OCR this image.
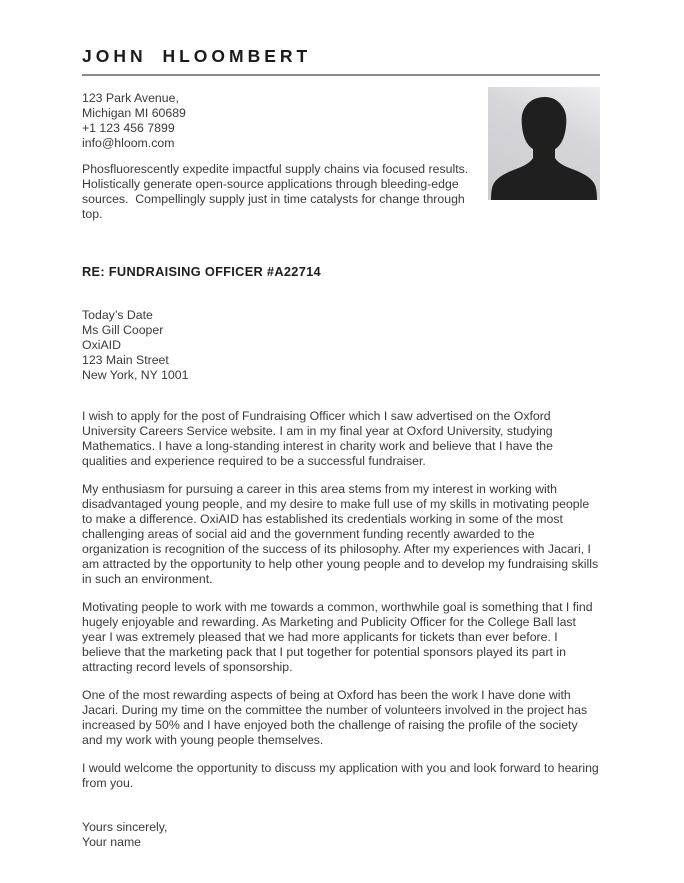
JOHN HLOOMBERT
123 Park Avenue,
Michigan MI 60689
+1 123 456 7899
info@hloom.com
Phosfluorescently expedite impactful supply chains via focused results. Holistically generate open-source applications through bleeding-edge sources.  Compellingly supply just in time catalysts for change through top.
RE: FUNDRAISING OFFICER #A22714
Today’s Date
Ms Gill Cooper
OxiAID
123 Main Street
New York, NY 1001
I wish to apply for the post of Fundraising Officer which I saw advertised on the Oxford University Careers Service website. I am in my final year at Oxford University, studying Mathematics. I have a long-standing interest in charity work and believe that I have the qualities and experience required to be a successful fundraiser.
My enthusiasm for pursuing a career in this area stems from my interest in working with disadvantaged young people, and my desire to make full use of my skills in motivating people to make a difference. OxiAID has established its credentials working in some of the most challenging areas of social aid and the government funding recently awarded to the organization is recognition of the success of its philosophy. After my experiences with Jacari, I am attracted by the opportunity to help other young people and to develop my fundraising skills in such an environment.
Motivating people to work with me towards a common, worthwhile goal is something that I find hugely enjoyable and rewarding. As Marketing and Publicity Officer for the College Ball last year I was extremely pleased that we had more applicants for tickets than ever before. I believe that the marketing pack that I put together for potential sponsors played its part in attracting record levels of sponsorship.
One of the most rewarding aspects of being at Oxford has been the work I have done with Jacari. During my time on the committee the number of volunteers involved in the project has increased by 50% and I have enjoyed both the challenge of raising the profile of the society and my work with young people themselves.
I would welcome the opportunity to discuss my application with you and look forward to hearing from you.
Yours sincerely,
Your name
